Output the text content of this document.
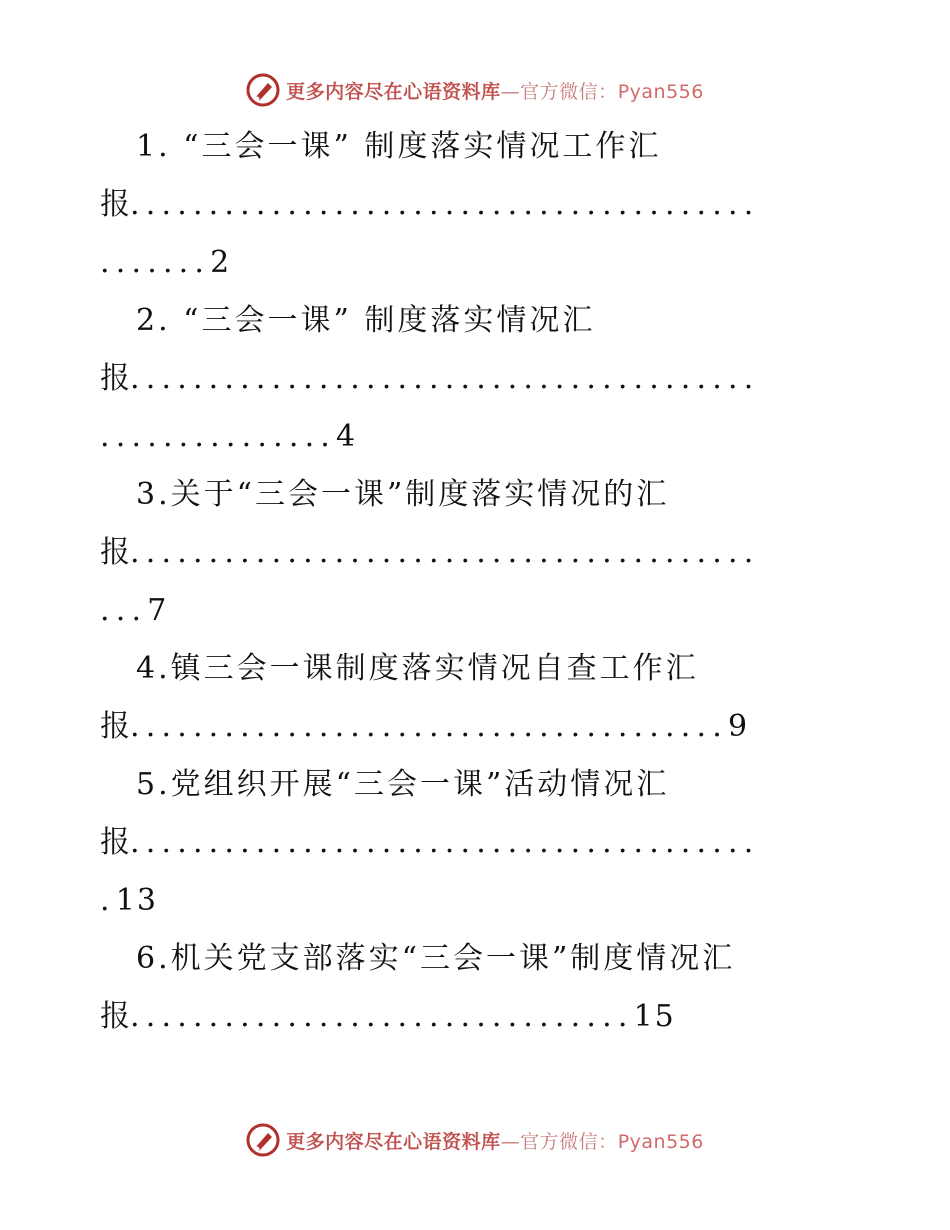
更多内容尽在心语资料库—官方微信：Pyan556
1. “三会一课” 制度落实情况工作汇
报........................................
.......2
2. “三会一课” 制度落实情况汇
报........................................
...............4
3.关于“三会一课”制度落实情况的汇
报........................................
...7
4.镇三会一课制度落实情况自查工作汇
报......................................9
5.党组织开展“三会一课”活动情况汇
报........................................
.13
6.机关党支部落实“三会一课”制度情况汇
报................................15
更多内容尽在心语资料库—官方微信：Pyan556
